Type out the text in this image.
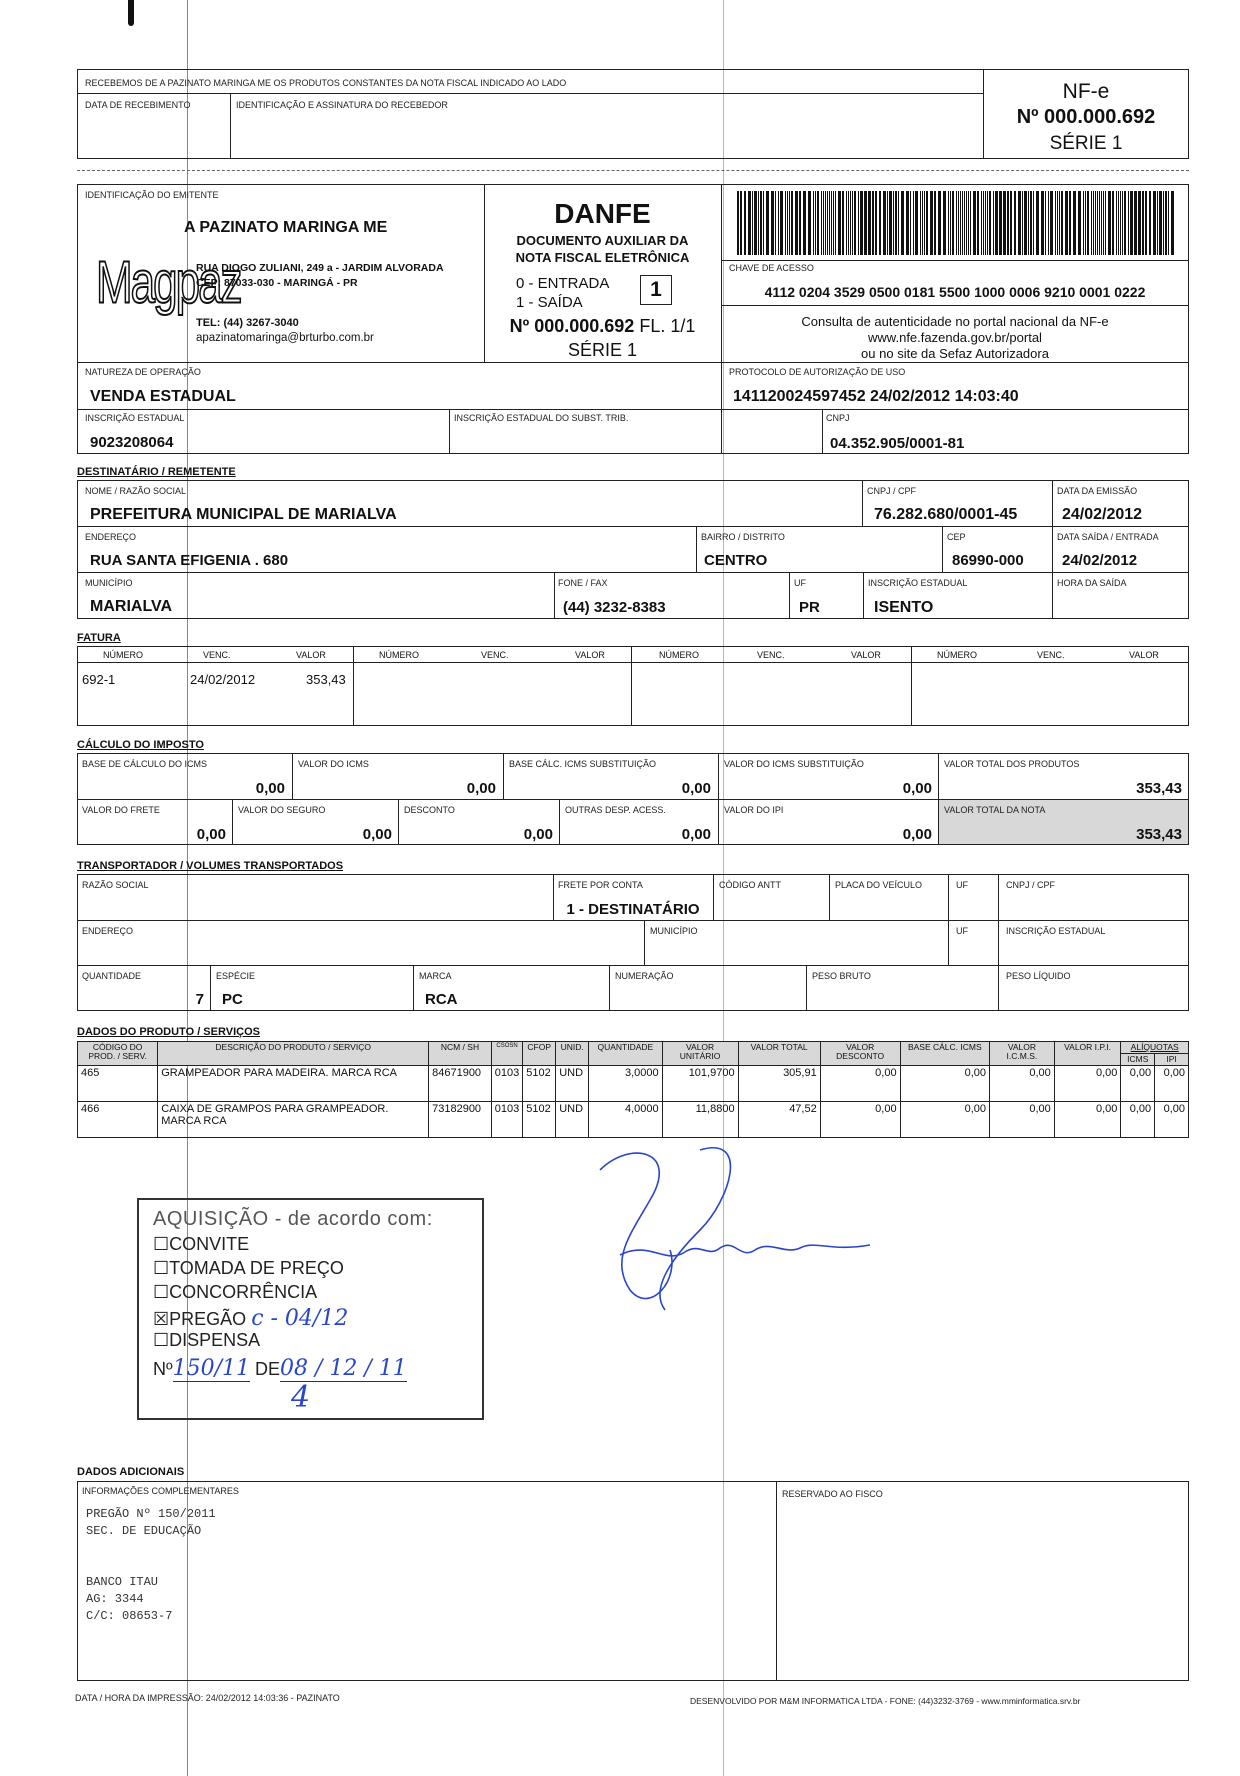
RECEBEMOS DE A PAZINATO MARINGA ME OS PRODUTOS CONSTANTES DA NOTA FISCAL INDICADO AO LADO
DATA DE RECEBIMENTO	IDENTIFICAÇÃO E ASSINATURA DO RECEBEDOR
NF-e
Nº 000.000.692
SÉRIE 1
IDENTIFICAÇÃO DO EMITENTE
Magpaz
A PAZINATO MARINGA ME
RUA DIOGO ZULIANI, 249 a - JARDIM ALVORADA
CEP: 87033-030 - MARINGÁ - PR
TEL: (44) 3267-3040
apazinatomaringa@brturbo.com.br
DANFE
DOCUMENTO AUXILIAR DA
NOTA FISCAL ELETRÔNICA
0 - ENTRADA
1 - SAÍDA
1
Nº 000.000.692 FL. 1/1
SÉRIE 1
CHAVE DE ACESSO
4112 0204 3529 0500 0181 5500 1000 0006 9210 0001 0222
Consulta de autenticidade no portal nacional da NF-e
www.nfe.fazenda.gov.br/portal
ou no site da Sefaz Autorizadora
NATUREZA DE OPERAÇÃO
VENDA ESTADUAL
PROTOCOLO DE AUTORIZAÇÃO DE USO
141120024597452 24/02/2012 14:03:40
INSCRIÇÃO ESTADUAL
9023208064
INSCRIÇÃO ESTADUAL DO SUBST. TRIB.	CNPJ
04.352.905/0001-81
DESTINATÁRIO / REMETENTE
NOME / RAZÃO SOCIAL
PREFEITURA MUNICIPAL DE MARIALVA
CNPJ / CPF
76.282.680/0001-45
DATA DA EMISSÃO
24/02/2012
ENDEREÇO
RUA SANTA EFIGENIA . 680
BAIRRO / DISTRITO
CENTRO
CEP
86990-000
DATA SAÍDA / ENTRADA
24/02/2012
MUNICÍPIO
MARIALVA
FONE / FAX
(44) 3232-8383
UF
PR
INSCRIÇÃO ESTADUAL
ISENTO
HORA DA SAÍDA
FATURA
NÚMERO	VENC.	VALOR	NÚMERO	VENC.	VALOR	NÚMERO	VENC.	VALOR	NÚMERO	VENC.	VALOR
692-1	24/02/2012	353,43
CÁLCULO DO IMPOSTO
BASE DE CÁLCULO DO ICMS
0,00
VALOR DO ICMS
0,00
BASE CÁLC. ICMS SUBSTITUIÇÃO
0,00
VALOR DO ICMS SUBSTITUIÇÃO
0,00
VALOR TOTAL DOS PRODUTOS
353,43
VALOR DO FRETE
0,00
VALOR DO SEGURO
0,00
DESCONTO
0,00
OUTRAS DESP. ACESS.
0,00
VALOR DO IPI
0,00
VALOR TOTAL DA NOTA
353,43
TRANSPORTADOR / VOLUMES TRANSPORTADOS
RAZÃO SOCIAL	FRETE POR CONTA
1 - DESTINATÁRIO
CÓDIGO ANTT	PLACA DO VEÍCULO	UF	CNPJ / CPF
ENDEREÇO	MUNICÍPIO	UF	INSCRIÇÃO ESTADUAL
QUANTIDADE
7
ESPÉCIE
PC
MARCA
RCA
NUMERAÇÃO	PESO BRUTO	PESO LÍQUIDO
DADOS DO PRODUTO / SERVIÇOS
CÓDIGO DO PROD. / SERV.	DESCRIÇÃO DO PRODUTO / SERVIÇO	NCM / SH	CSOSN	CFOP	UNID.	QUANTIDADE	VALOR UNITÁRIO	VALOR TOTAL	VALOR DESCONTO	BASE CÁLC. ICMS	VALOR I.C.M.S.	VALOR I.P.I.	ALÍQUOTAS	
													ICMS	IPI
465	GRAMPEADOR PARA MADEIRA. MARCA RCA	84671900	0103	5102	UND	3,0000	101,9700	305,91	0,00	0,00	0,00	0,00	0,00	0,00
466	CAIXA DE GRAMPOS PARA GRAMPEADOR. MARCA RCA	73182900	0103	5102	UND	4,0000	11,8800	47,52	0,00	0,00	0,00	0,00	0,00	0,00
AQUISIÇÃO - de acordo com:
☐CONVITE
☐TOMADA DE PREÇO
☐CONCORRÊNCIA
☒PREGÃO c - 04/12
☐DISPENSA
Nº150/11 DE08 / 12 / 11
4
DADOS ADICIONAIS
INFORMAÇÕES COMPLEMENTARES
PREGÃO Nº 150/2011
SEC. DE EDUCAÇÃO
BANCO ITAU
AG: 3344
C/C: 08653-7
RESERVADO AO FISCO
DATA / HORA DA IMPRESSÃO: 24/02/2012 14:03:36 - PAZINATO	DESENVOLVIDO POR M&M INFORMATICA LTDA - FONE: (44)3232-3769 - www.mminformatica.srv.br
